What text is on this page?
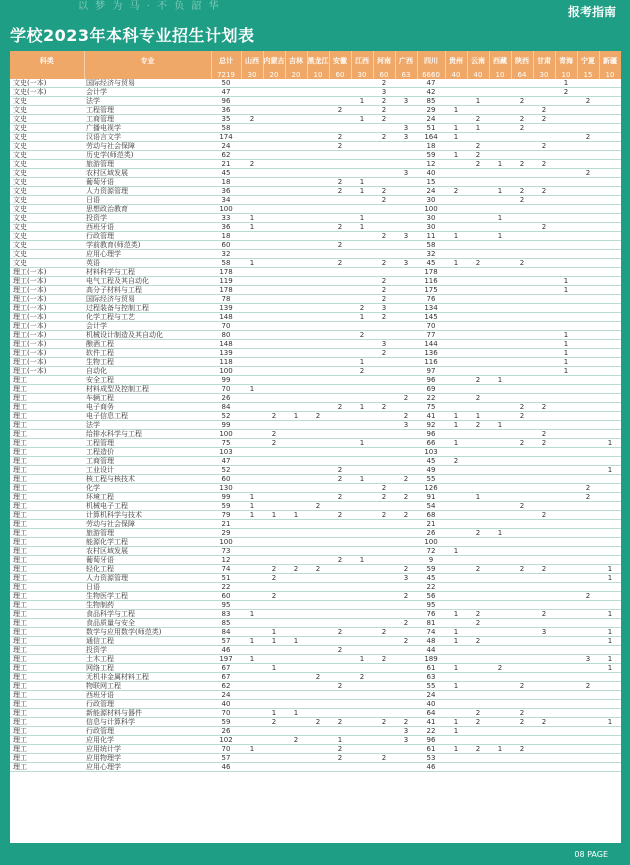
以 梦 为 马 · 不 负 韶 华	报考指南
学校2023年本科专业招生计划表
科类	专业	总计	山西	内蒙古	吉林	黑龙江	安徽	江西	河南	广西	四川	贵州	云南	西藏	陕西	甘肃	青海	宁夏	新疆
		7219	30	20	20	10	60	30	60	63	6660	40	40	10	64	30	10	15	10
文史(一本)	国际经济与贸易	50							2		47						1		
文史(一本)	会计学	47							3		42						2		
文史	法学	96						1	2	3	85		1		2			2	
文史	工程管理	36					2		2		29	1				2			
文史	工商管理	35	2					1	2		24		2		2	2			
文史	广播电视学	58								3	51	1	1		2				
文史	汉语言文学	174					2		2	3	164	1						2	
文史	劳动与社会保障	24					2				18		2			2			
文史	历史学(师范类)	62									59	1	2						
文史	旅游管理	21	2								12		2	1	2	2			
文史	农村区域发展	45								3	40							2	
文史	葡萄牙语	18					2	1			15								
文史	人力资源管理	36					2	1	2		24	2		1	2	2			
文史	日语	34							2		30				2				
文史	思想政治教育	100									100								
文史	投资学	33	1					1			30			1					
文史	西班牙语	36	1				2	1			30					2			
文史	行政管理	18							2	3	11	1		1					
文史	学前教育(师范类)	60					2				58								
文史	应用心理学	32									32								
文史	英语	58	1				2		2	3	45	1	2		2				
理工(一本)	材料科学与工程	178									178								
理工(一本)	电气工程及其自动化	119							2		116						1		
理工(一本)	高分子材料与工程	178							2		175						1		
理工(一本)	国际经济与贸易	78							2		76								
理工(一本)	过程装备与控制工程	139						2	3		134								
理工(一本)	化学工程与工艺	148						1	2		145								
理工(一本)	会计学	70									70								
理工(一本)	机械设计制造及其自动化	80						2			77						1		
理工(一本)	酿酒工程	148							3		144						1		
理工(一本)	软件工程	139							2		136						1		
理工(一本)	生物工程	118						1			116						1		
理工(一本)	自动化	100						2			97						1		
理工	安全工程	99									96		2	1					
理工	材料成型及控制工程	70	1								69								
理工	车辆工程	26								2	22		2						
理工	电子商务	84					2	1	2		75				2	2			
理工	电子信息工程	52		2	1	2				2	41	1	1		2				
理工	法学	99								3	92	1	2	1					
理工	给排水科学与工程	100		2							96					2			
理工	工程管理	75		2				1			66	1			2	2			1
理工	工程造价	103									103								
理工	工商管理	47									45	2							
理工	工业设计	52					2				49								1
理工	核工程与核技术	60					2	1		2	55								
理工	化学	130							2		126							2	
理工	环境工程	99	1				2		2	2	91		1					2	
理工	机械电子工程	59	1			2					54				2				
理工	计算机科学与技术	79	1	1	1		2		2	2	68					2			
理工	劳动与社会保障	21									21								
理工	旅游管理	29									26		2	1					
理工	能源化学工程	100									100								
理工	农村区域发展	73									72	1							
理工	葡萄牙语	12					2	1			9								
理工	轻化工程	74		2	2	2				2	59		2		2	2			1
理工	人力资源管理	51		2						3	45								1
理工	日语	22									22								
理工	生物医学工程	60		2						2	56							2	
理工	生物制药	95									95								
理工	食品科学与工程	83	1								76	1	2			2			1
理工	食品质量与安全	85								2	81		2						
理工	数学与应用数学(师范类)	84		1			2		2		74	1				3			1
理工	通信工程	57	1	1	1					2	48	1	2						1
理工	投资学	46					2				44								
理工	土木工程	197	1					1	2		189							3	1
理工	网络工程	67		1							61	1		2					1
理工	无机非金属材料工程	67				2		2			63								
理工	物联网工程	62					2				55	1			2			2	
理工	西班牙语	24									24								
理工	行政管理	40									40								
理工	新能源材料与器件	70		1	1						64		2		2				
理工	信息与计算科学	59		2		2	2		2	2	41	1	2		2	2			1
理工	行政管理	26								3	22	1							
理工	应用化学	102			2		1			3	96								
理工	应用统计学	70	1				2				61	1	2	1	2				
理工	应用物理学	57					2		2		53								
理工	应用心理学	46									46								
08 PAGE
